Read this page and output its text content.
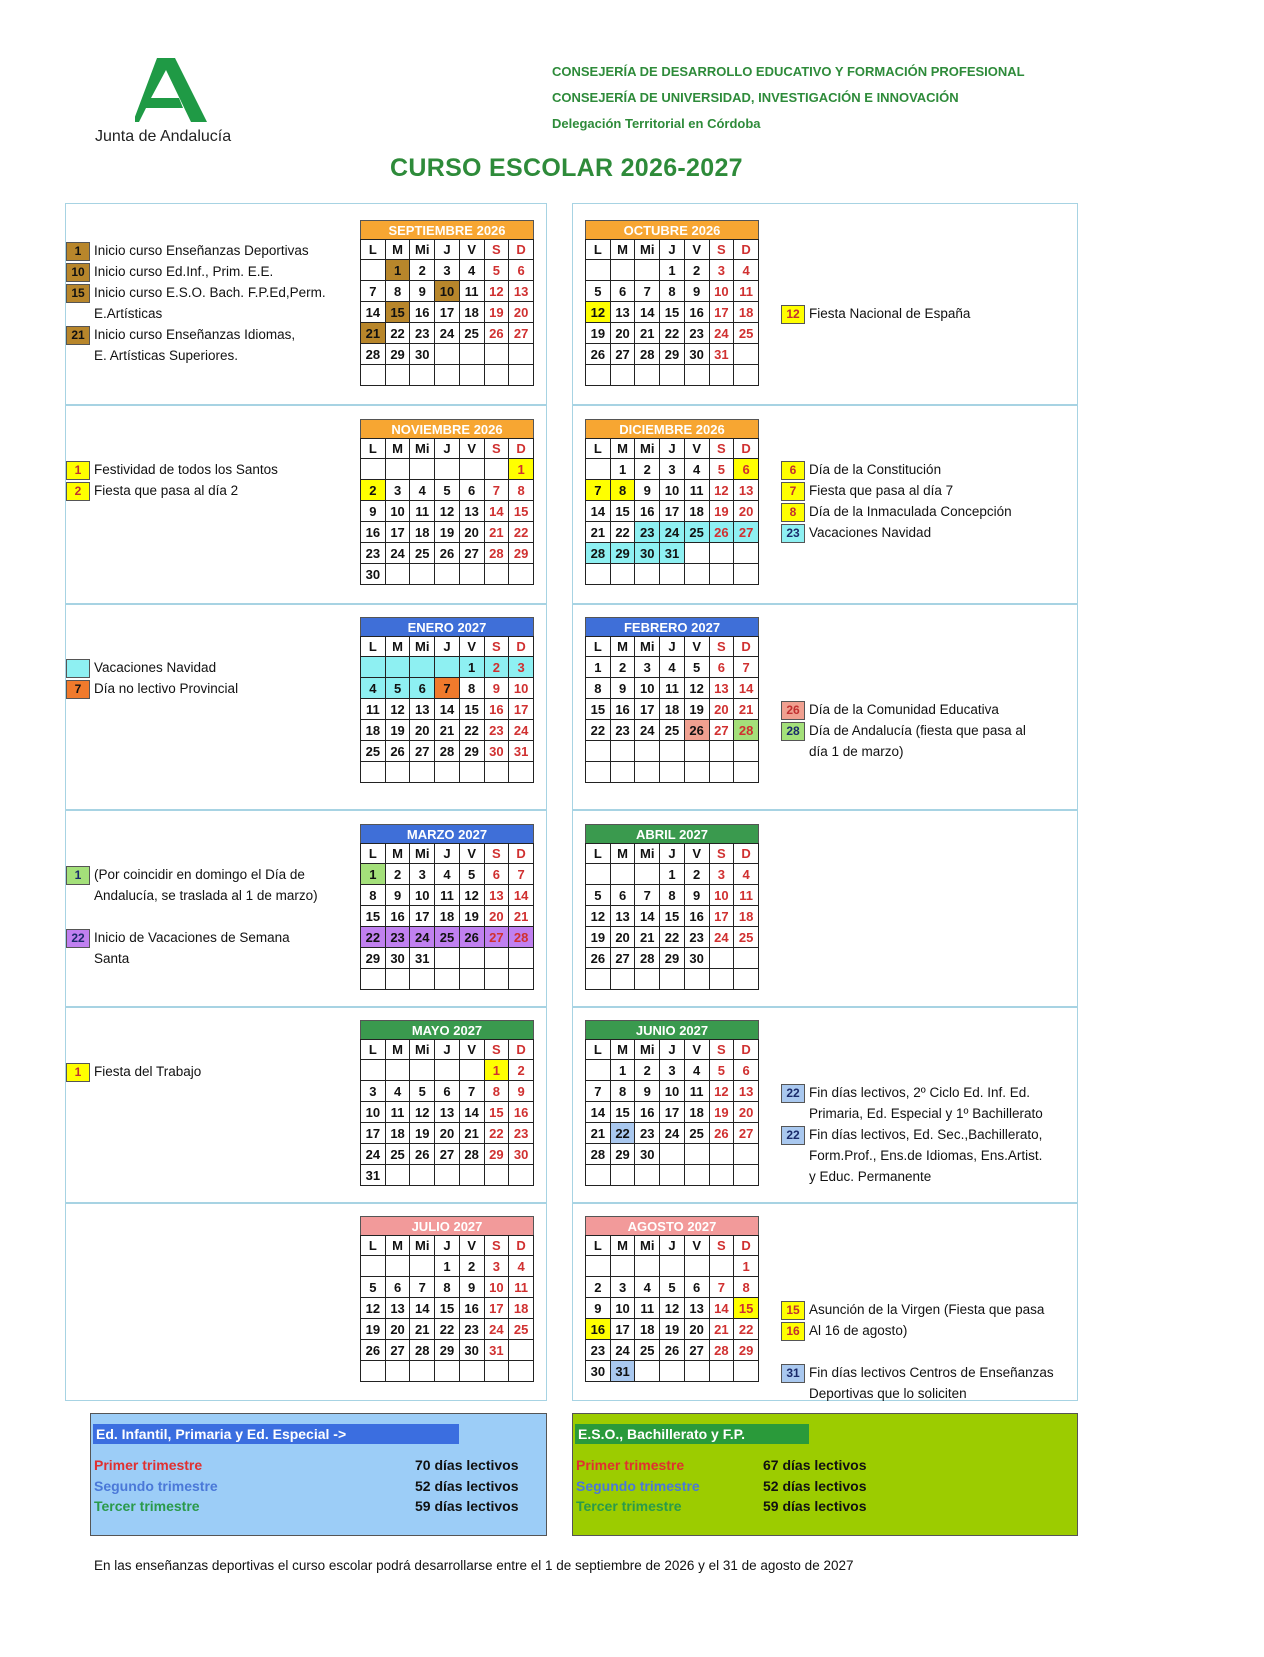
Junta de Andalucía
CONSEJERÍA DE DESARROLLO EDUCATIVO Y FORMACIÓN PROFESIONAL
CONSEJERÍA DE UNIVERSIDAD, INVESTIGACIÓN E INNOVACIÓN
Delegación Territorial en Córdoba
CURSO ESCOLAR 2026-2027
SEPTIEMBRE 2026
L	M	Mi	J	V	S	D
	1	2	3	4	5	6
7	8	9	10	11	12	13
14	15	16	17	18	19	20
21	22	23	24	25	26	27
28	29	30				

OCTUBRE 2026
L	M	Mi	J	V	S	D
			1	2	3	4
5	6	7	8	9	10	11
12	13	14	15	16	17	18
19	20	21	22	23	24	25
26	27	28	29	30	31	

NOVIEMBRE 2026
L	M	Mi	J	V	S	D
						1
2	3	4	5	6	7	8
9	10	11	12	13	14	15
16	17	18	19	20	21	22
23	24	25	26	27	28	29
30						
DICIEMBRE 2026
L	M	Mi	J	V	S	D
	1	2	3	4	5	6
7	8	9	10	11	12	13
14	15	16	17	18	19	20
21	22	23	24	25	26	27
28	29	30	31			

ENERO 2027
L	M	Mi	J	V	S	D
				1	2	3
4	5	6	7	8	9	10
11	12	13	14	15	16	17
18	19	20	21	22	23	24
25	26	27	28	29	30	31

FEBRERO 2027
L	M	Mi	J	V	S	D
1	2	3	4	5	6	7
8	9	10	11	12	13	14
15	16	17	18	19	20	21
22	23	24	25	26	27	28

MARZO 2027
L	M	Mi	J	V	S	D
1	2	3	4	5	6	7
8	9	10	11	12	13	14
15	16	17	18	19	20	21
22	23	24	25	26	27	28
29	30	31				

ABRIL 2027
L	M	Mi	J	V	S	D
			1	2	3	4
5	6	7	8	9	10	11
12	13	14	15	16	17	18
19	20	21	22	23	24	25
26	27	28	29	30		

MAYO 2027
L	M	Mi	J	V	S	D
					1	2
3	4	5	6	7	8	9
10	11	12	13	14	15	16
17	18	19	20	21	22	23
24	25	26	27	28	29	30
31						
JUNIO 2027
L	M	Mi	J	V	S	D
	1	2	3	4	5	6
7	8	9	10	11	12	13
14	15	16	17	18	19	20
21	22	23	24	25	26	27
28	29	30				

JULIO 2027
L	M	Mi	J	V	S	D
			1	2	3	4
5	6	7	8	9	10	11
12	13	14	15	16	17	18
19	20	21	22	23	24	25
26	27	28	29	30	31	

AGOSTO 2027
L	M	Mi	J	V	S	D
						1
2	3	4	5	6	7	8
9	10	11	12	13	14	15
16	17	18	19	20	21	22
23	24	25	26	27	28	29
30	31					
1 Inicio curso Enseñanzas Deportivas
10 Inicio curso Ed.Inf., Prim. E.E.
15 Inicio curso E.S.O. Bach. F.P.Ed,Perm.
E.Artísticas
21 Inicio curso Enseñanzas Idiomas,
E. Artísticas Superiores.
12 Fiesta Nacional de España
1 Festividad de todos los Santos
2 Fiesta que pasa al día 2
6 Día de la Constitución
7 Fiesta que pasa al día 7
8 Día de la Inmaculada Concepción
23 Vacaciones Navidad
Vacaciones Navidad
7 Día no lectivo Provincial
26 Día de la Comunidad Educativa
28 Día de Andalucía (fiesta que pasa al
día 1 de marzo)
1 (Por coincidir en domingo el Día de
Andalucía, se traslada al 1 de marzo)
22 Inicio de Vacaciones de Semana
Santa
1 Fiesta del Trabajo
22 Fin días lectivos, 2º Ciclo Ed. Inf. Ed.
Primaria, Ed. Especial y 1º Bachillerato
22 Fin días lectivos, Ed. Sec.,Bachillerato,
Form.Prof., Ens.de Idiomas, Ens.Artist.
y Educ. Permanente
15 Asunción de la Virgen (Fiesta que pasa
16 Al 16 de agosto)
31 Fin días lectivos Centros de Enseñanzas
Deportivas que lo soliciten
Ed. Infantil, Primaria y Ed. Especial ->
Primer trimestre	70 días lectivos
Segundo trimestre	52 días lectivos
Tercer trimestre	59 días lectivos
E.S.O., Bachillerato y F.P.
Primer trimestre	67 días lectivos
Segundo trimestre	52 días lectivos
Tercer trimestre	59 días lectivos
En las enseñanzas deportivas el curso escolar podrá desarrollarse entre el 1 de septiembre de 2026 y el 31 de agosto de 2027
